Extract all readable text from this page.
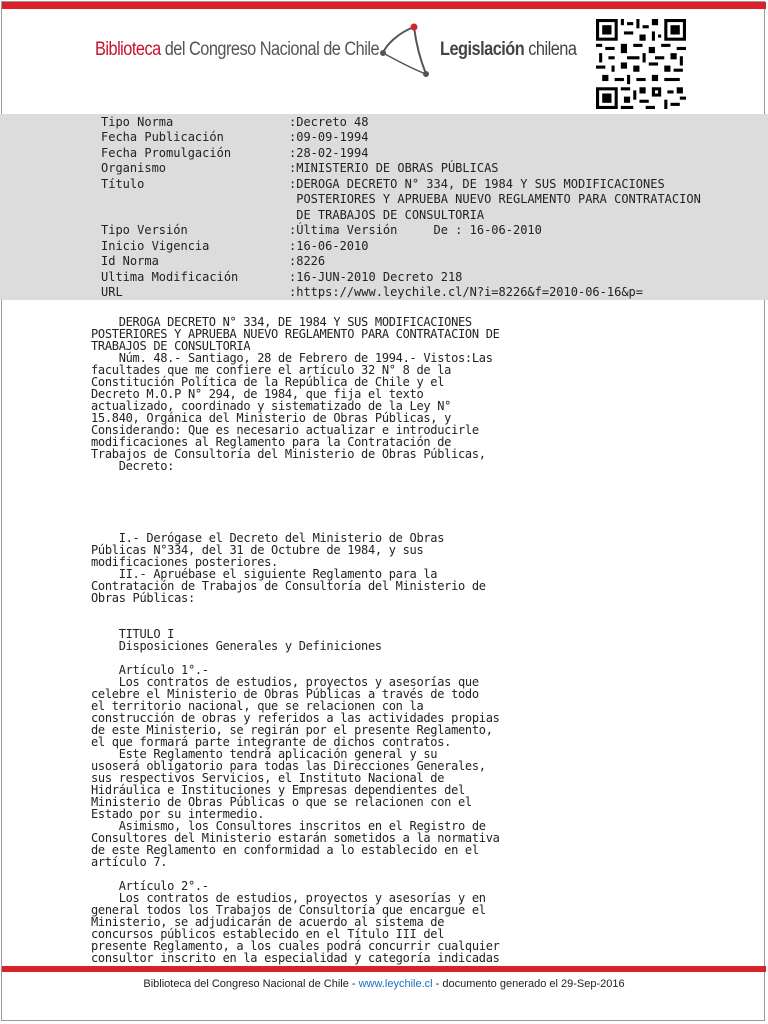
Biblioteca del Congreso Nacional de Chile	Legislación chilena
Tipo Norma	:Decreto 48
Fecha Publicación	:09-09-1994
Fecha Promulgación	:28-02-1994
Organismo	:MINISTERIO DE OBRAS PÚBLICAS
Título	:DEROGA DECRETO N° 334, DE 1984 Y SUS MODIFICACIONES
POSTERIORES Y APRUEBA NUEVO REGLAMENTO PARA CONTRATACION
DE TRABAJOS DE CONSULTORIA
Tipo Versión	:Última Versión     De : 16-06-2010
Inicio Vigencia	:16-06-2010
Id Norma	:8226
Ultima Modificación	:16-JUN-2010 Decreto 218
URL	:https://www.leychile.cl/N?i=8226&f=2010-06-16&p=
DEROGA DECRETO N° 334, DE 1984 Y SUS MODIFICACIONES
POSTERIORES Y APRUEBA NUEVO REGLAMENTO PARA CONTRATACION DE
TRABAJOS DE CONSULTORIA
Núm. 48.- Santiago, 28 de Febrero de 1994.- Vistos:Las
facultades que me confiere el artículo 32 N° 8 de la
Constitución Política de la República de Chile y el
Decreto M.O.P N° 294, de 1984, que fija el texto
actualizado, coordinado y sistematizado de la Ley N°
15.840, Orgánica del Ministerio de Obras Públicas, y
Considerando: Que es necesario actualizar e introducirle
modificaciones al Reglamento para la Contratación de
Trabajos de Consultoría del Ministerio de Obras Públicas,
Decreto:
I.- Derógase el Decreto del Ministerio de Obras
Públicas N°334, del 31 de Octubre de 1984, y sus
modificaciones posteriores.
II.- Apruébase el siguiente Reglamento para la
Contratación de Trabajos de Consultoría del Ministerio de
Obras Públicas:
TITULO I
Disposiciones Generales y Definiciones
Artículo 1°.-
Los contratos de estudios, proyectos y asesorías que
celebre el Ministerio de Obras Públicas a través de todo
el territorio nacional, que se relacionen con la
construcción de obras y referidos a las actividades propias
de este Ministerio, se regirán por el presente Reglamento,
el que formará parte integrante de dichos contratos.
Este Reglamento tendrá aplicación general y su
usoserá obligatorio para todas las Direcciones Generales,
sus respectivos Servicios, el Instituto Nacional de
Hidráulica e Instituciones y Empresas dependientes del
Ministerio de Obras Públicas o que se relacionen con el
Estado por su intermedio.
Asimismo, los Consultores inscritos en el Registro de
Consultores del Ministerio estarán sometidos a la normativa
de este Reglamento en conformidad a lo establecido en el
artículo 7.
Artículo 2°.-
Los contratos de estudios, proyectos y asesorías y en
general todos los Trabajos de Consultoría que encargue el
Ministerio, se adjudicarán de acuerdo al sistema de
concursos públicos establecido en el Título III del
presente Reglamento, a los cuales podrá concurrir cualquier
consultor inscrito en la especialidad y categoría indicadas
Biblioteca del Congreso Nacional de Chile - www.leychile.cl - documento generado el 29-Sep-2016
